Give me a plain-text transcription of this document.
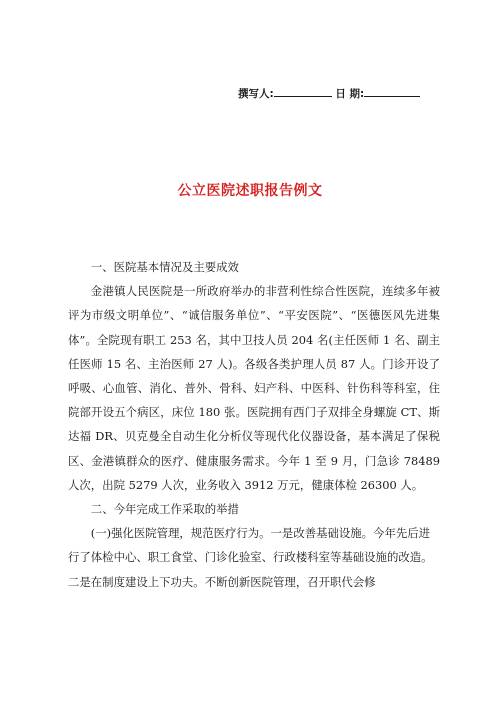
撰写人:	日 期:
公立医院述职报告例文

一、医院基本情况及主要成效

金港镇人民医院是一所政府举办的非营利性综合性医院，连续多年被评为市级文明单位”、“诚信服务单位”、“平安医院”、“医德医风先进集体”。全院现有职工 253 名，其中卫技人员 204 名(主任医师 1 名、副主任医师 15 名、主治医师 27 人)。各级各类护理人员 87 人。门诊开设了呼吸、心血管、消化、普外、骨科、妇产科、中医科、针伤科等科室，住院部开设五个病区，床位 180 张。医院拥有西门子双排全身螺旋 CT、斯达福 DR、贝克曼全自动生化分析仪等现代化仪器设备，基本满足了保税区、金港镇群众的医疗、健康服务需求。今年 1 至 9 月，门急诊 78489 人次，出院 5279 人次，业务收入 3912 万元，健康体检 26300 人。

二、今年完成工作采取的举措

(一)强化医院管理，规范医疗行为。一是改善基础设施。今年先后进行了体检中心、职工食堂、门诊化验室、行政楼科室等基础设施的改造。二是在制度建设上下功夫。不断创新医院管理，召开职代会修
